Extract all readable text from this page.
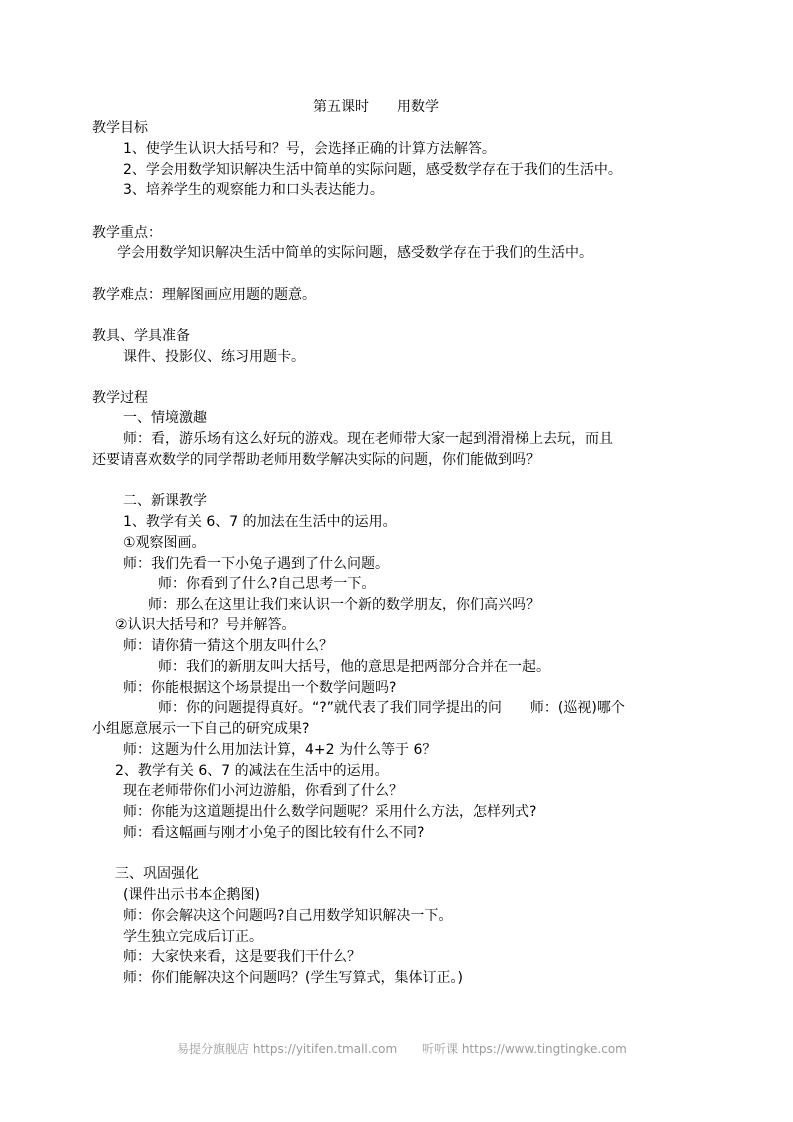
第五课时　　用数学
教学目标
1、使学生认识大括号和？号，会选择正确的计算方法解答。
2、学会用数学知识解决生活中简单的实际问题，感受数学存在于我们的生活中。
3、培养学生的观察能力和口头表达能力。
教学重点：
学会用数学知识解决生活中简单的实际问题，感受数学存在于我们的生活中。
教学难点：理解图画应用题的题意。
教具、学具准备
课件、投影仪、练习用题卡。
教学过程
一、情境激趣
师：看，游乐场有这么好玩的游戏。现在老师带大家一起到滑滑梯上去玩，而且
还要请喜欢数学的同学帮助老师用数学解决实际的问题，你们能做到吗？
二、新课教学
1、教学有关 6、7 的加法在生活中的运用。
①观察图画。
师：我们先看一下小兔子遇到了什么问题。
师：你看到了什么?自己思考一下。
师：那么在这里让我们来认识一个新的数学朋友，你们高兴吗？
②认识大括号和？号并解答。
师：请你猜一猜这个朋友叫什么？
师：我们的新朋友叫大括号，他的意思是把两部分合并在一起。
师：你能根据这个场景提出一个数学问题吗?
师：你的问题提得真好。“?”就代表了我们同学提出的问　　师：(巡视)哪个
小组愿意展示一下自己的研究成果?
师：这题为什么用加法计算，4+2 为什么等于 6？
2、教学有关 6、7 的减法在生活中的运用。
现在老师带你们小河边游船，你看到了什么？
师：你能为这道题提出什么数学问题呢？采用什么方法，怎样列式?
师：看这幅画与刚才小兔子的图比较有什么不同?
三、巩固强化
(课件出示书本企鹅图)
师：你会解决这个问题吗?自己用数学知识解决一下。
学生独立完成后订正。
师：大家快来看，这是要我们干什么？
师：你们能解决这个问题吗？(学生写算式，集体订正。)
易提分旗舰店 https://yitifen.tmall.com 听听课 https://www.tingtingke.com
